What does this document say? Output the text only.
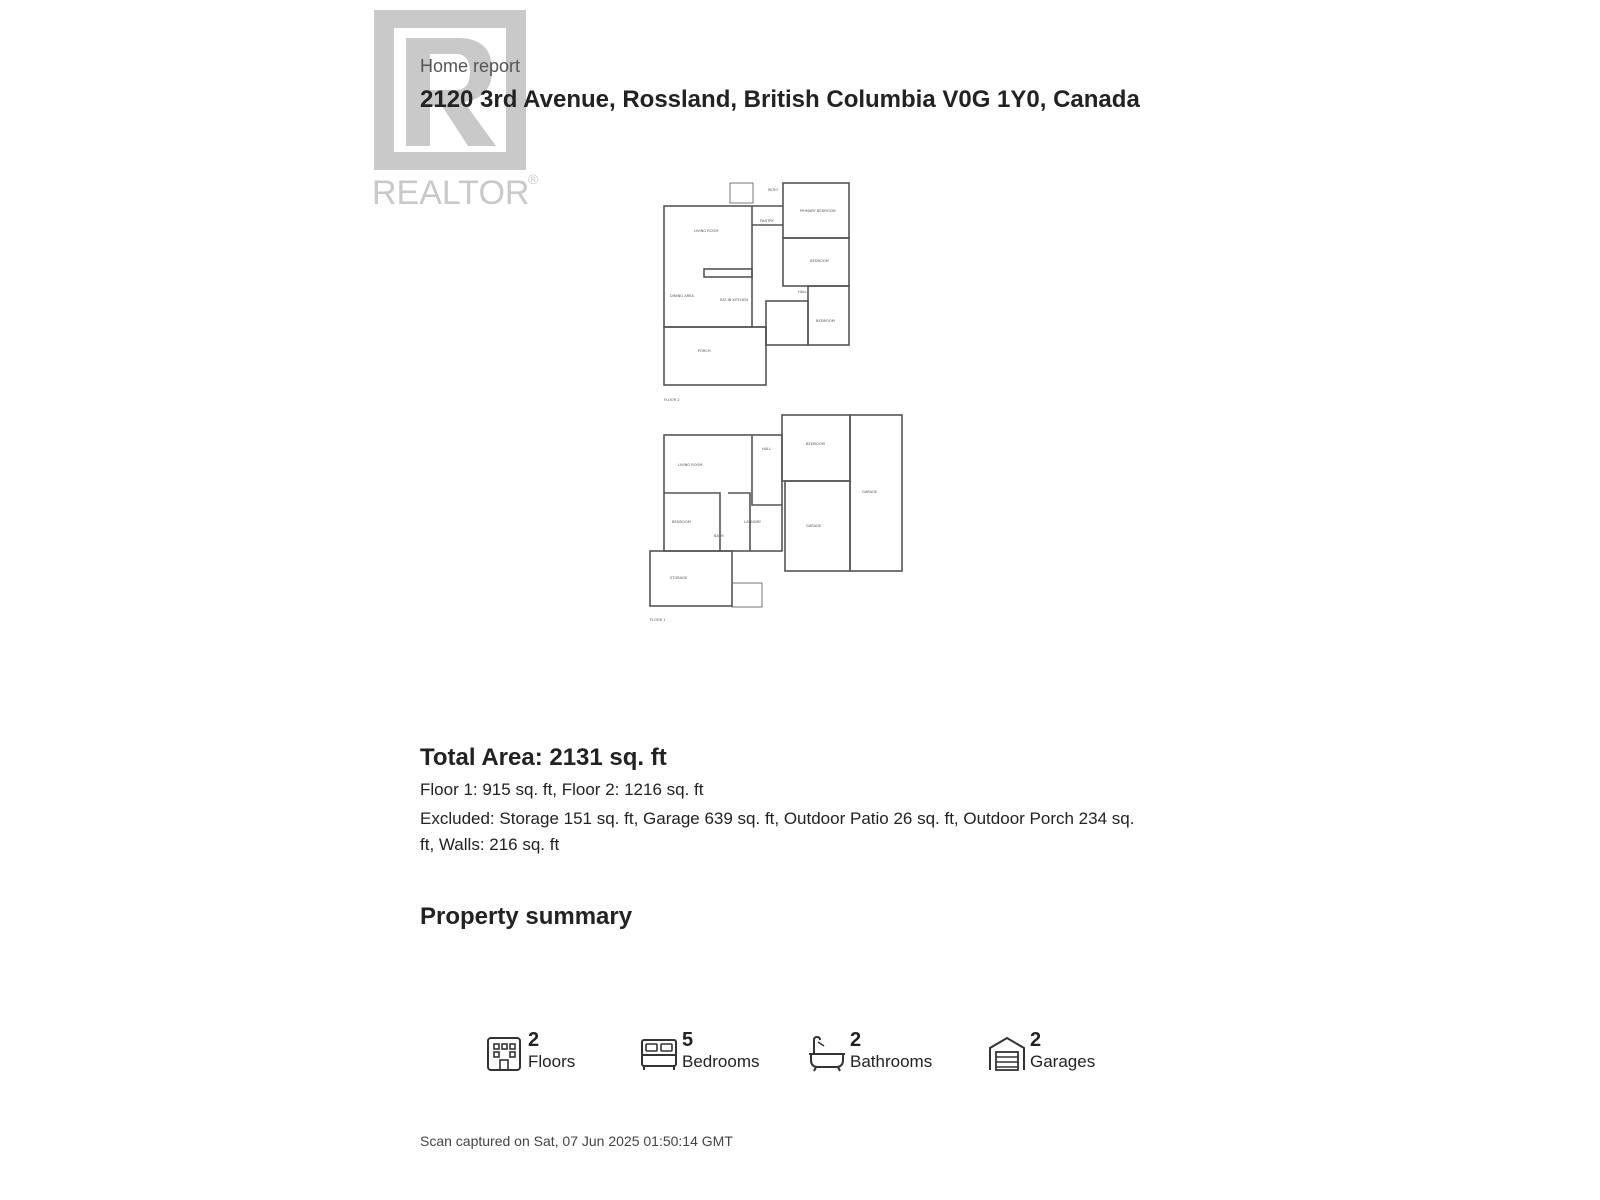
REALTOR
®
Home report
2120 3rd Avenue, Rossland, British Columbia V0G 1Y0, Canada
PATIO
PRIMARY BEDROOM
PANTRY
LIVING ROOM
BEDROOM
HALL
DINING AREA
EAT-IN KITCHEN
BEDROOM
PORCH
FLOOR 2
BEDROOM
HALL
LIVING ROOM
GARAGE
LAUNDRY
BEDROOM
GARAGE
BATH
STORAGE
FLOOR 1
Total Area: 2131 sq. ft
Floor 1: 915 sq. ft, Floor 2: 1216 sq. ft
Excluded: Storage 151 sq. ft, Garage 639 sq. ft, Outdoor Patio 26 sq. ft, Outdoor Porch 234 sq. ft, Walls: 216 sq. ft
Property summary
2
Floors
5
Bedrooms
2
Bathrooms
2
Garages
Scan captured on Sat, 07 Jun 2025 01:50:14 GMT
